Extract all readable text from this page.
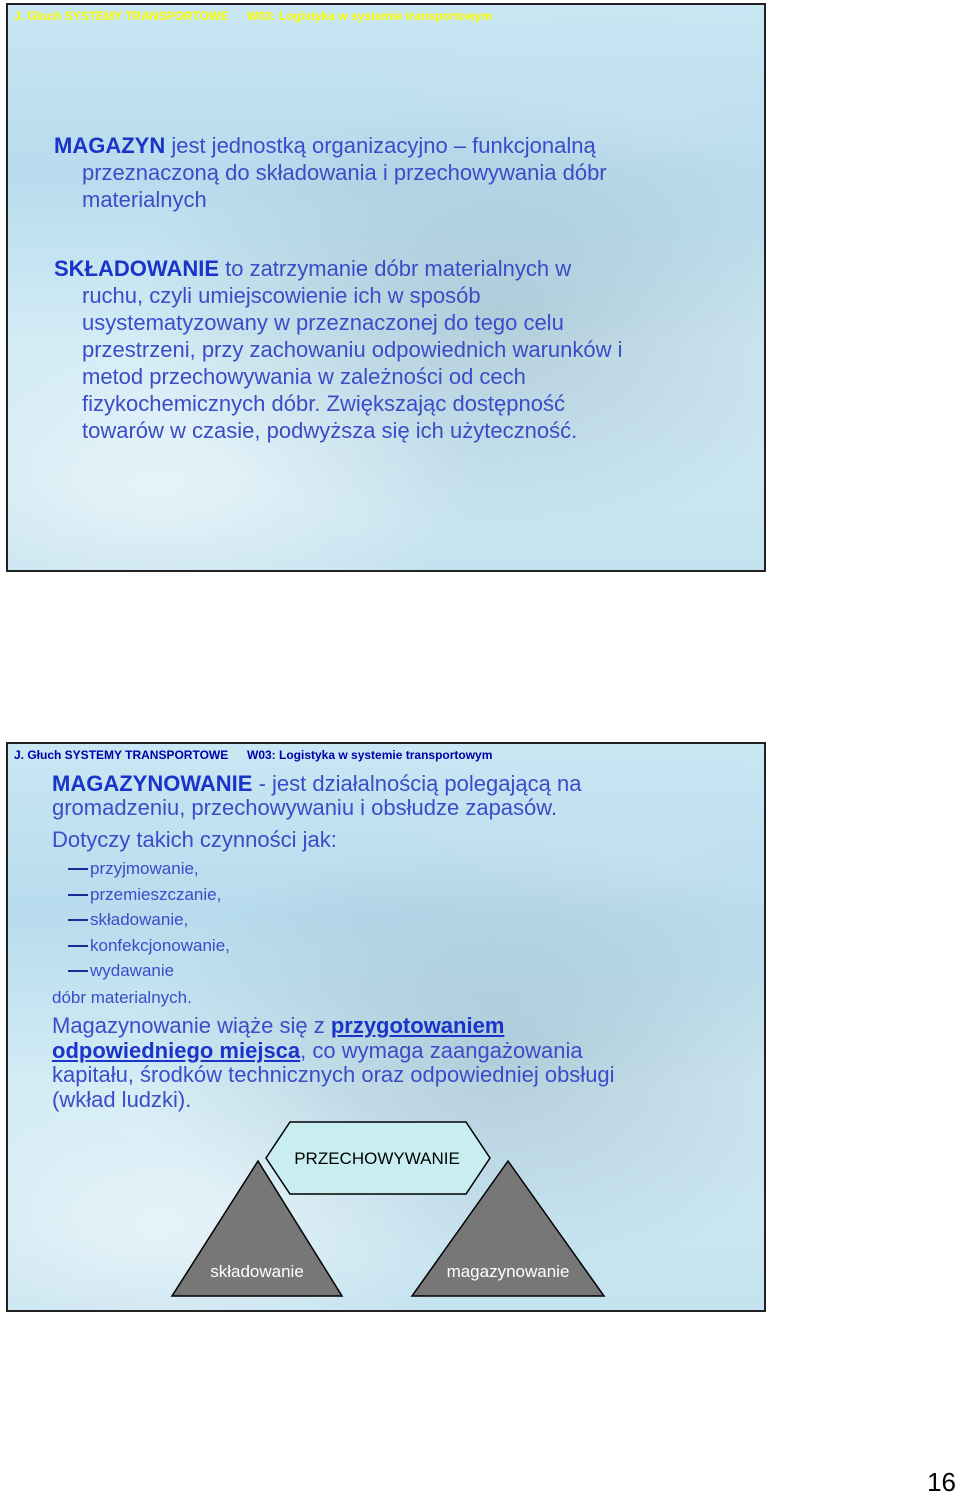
J. Głuch SYSTEMY TRANSPORTOWE W03: Logistyka w systemie transportowym
MAGAZYN jest jednostką organizacyjno – funkcjonalną
przeznaczoną do składowania i przechowywania dóbr
materialnych
SKŁADOWANIE to zatrzymanie dóbr materialnych w
ruchu, czyli umiejscowienie ich w sposób
usystematyzowany w przeznaczonej do tego celu
przestrzeni, przy zachowaniu odpowiednich warunków i
metod przechowywania w zależności od cech
fizykochemicznych dóbr. Zwiększając dostępność
towarów w czasie, podwyższa się ich użyteczność.
J. Głuch SYSTEMY TRANSPORTOWE W03: Logistyka w systemie transportowym
MAGAZYNOWANIE - jest działalnością polegającą na
gromadzeniu, przechowywaniu i obsłudze zapasów.
Dotyczy takich czynności jak:
przyjmowanie,
przemieszczanie,
składowanie,
konfekcjonowanie,
wydawanie
dóbr materialnych.
Magazynowanie wiąże się z przygotowaniem
odpowiedniego miejsca, co wymaga zaangażowania
kapitału, środków technicznych oraz odpowiedniej obsługi
(wkład ludzki).
PRZECHOWYWANIE
składowanie	magazynowanie
16
